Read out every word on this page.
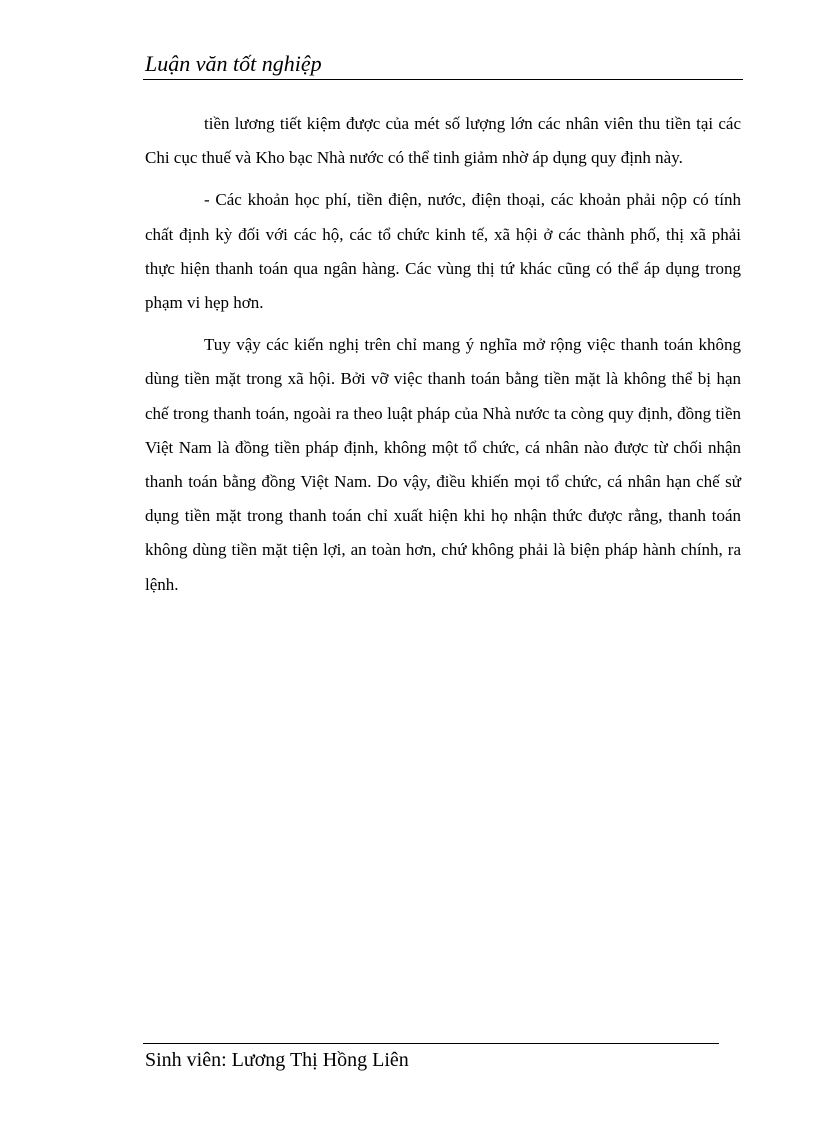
Luận văn tốt nghiệp

tiền lương tiết kiệm được của mét số lượng lớn các nhân viên thu tiền tại các Chi cục thuế và Kho bạc Nhà nước có thể tinh giảm nhờ áp dụng quy định này.

- Các khoản học phí, tiền điện, nước, điện thoại, các khoản phải nộp có tính chất định kỳ đối với các hộ, các tổ chức kinh tế, xã hội ở các thành phố, thị xã phải thực hiện thanh toán qua ngân hàng. Các vùng thị tứ khác cũng có thể áp dụng trong phạm vi hẹp hơn.

Tuy vậy các kiến nghị trên chỉ mang ý nghĩa mở rộng việc thanh toán không dùng tiền mặt trong xã hội. Bởi vỡ việc thanh toán bằng tiền mặt là không thể bị hạn chế trong thanh toán, ngoài ra theo luật pháp của Nhà nước ta còng quy định, đồng tiền Việt Nam là đồng tiền pháp định, không một tổ chức, cá nhân nào được từ chối nhận thanh toán bằng đồng Việt Nam. Do vậy, điều khiến mọi tổ chức, cá nhân hạn chế sử dụng tiền mặt trong thanh toán chỉ xuất hiện khi họ nhận thức được rằng, thanh toán không dùng tiền mặt tiện lợi, an toàn hơn, chứ không phải là biện pháp hành chính, ra lệnh.

Sinh viên: Lương Thị Hồng Liên
